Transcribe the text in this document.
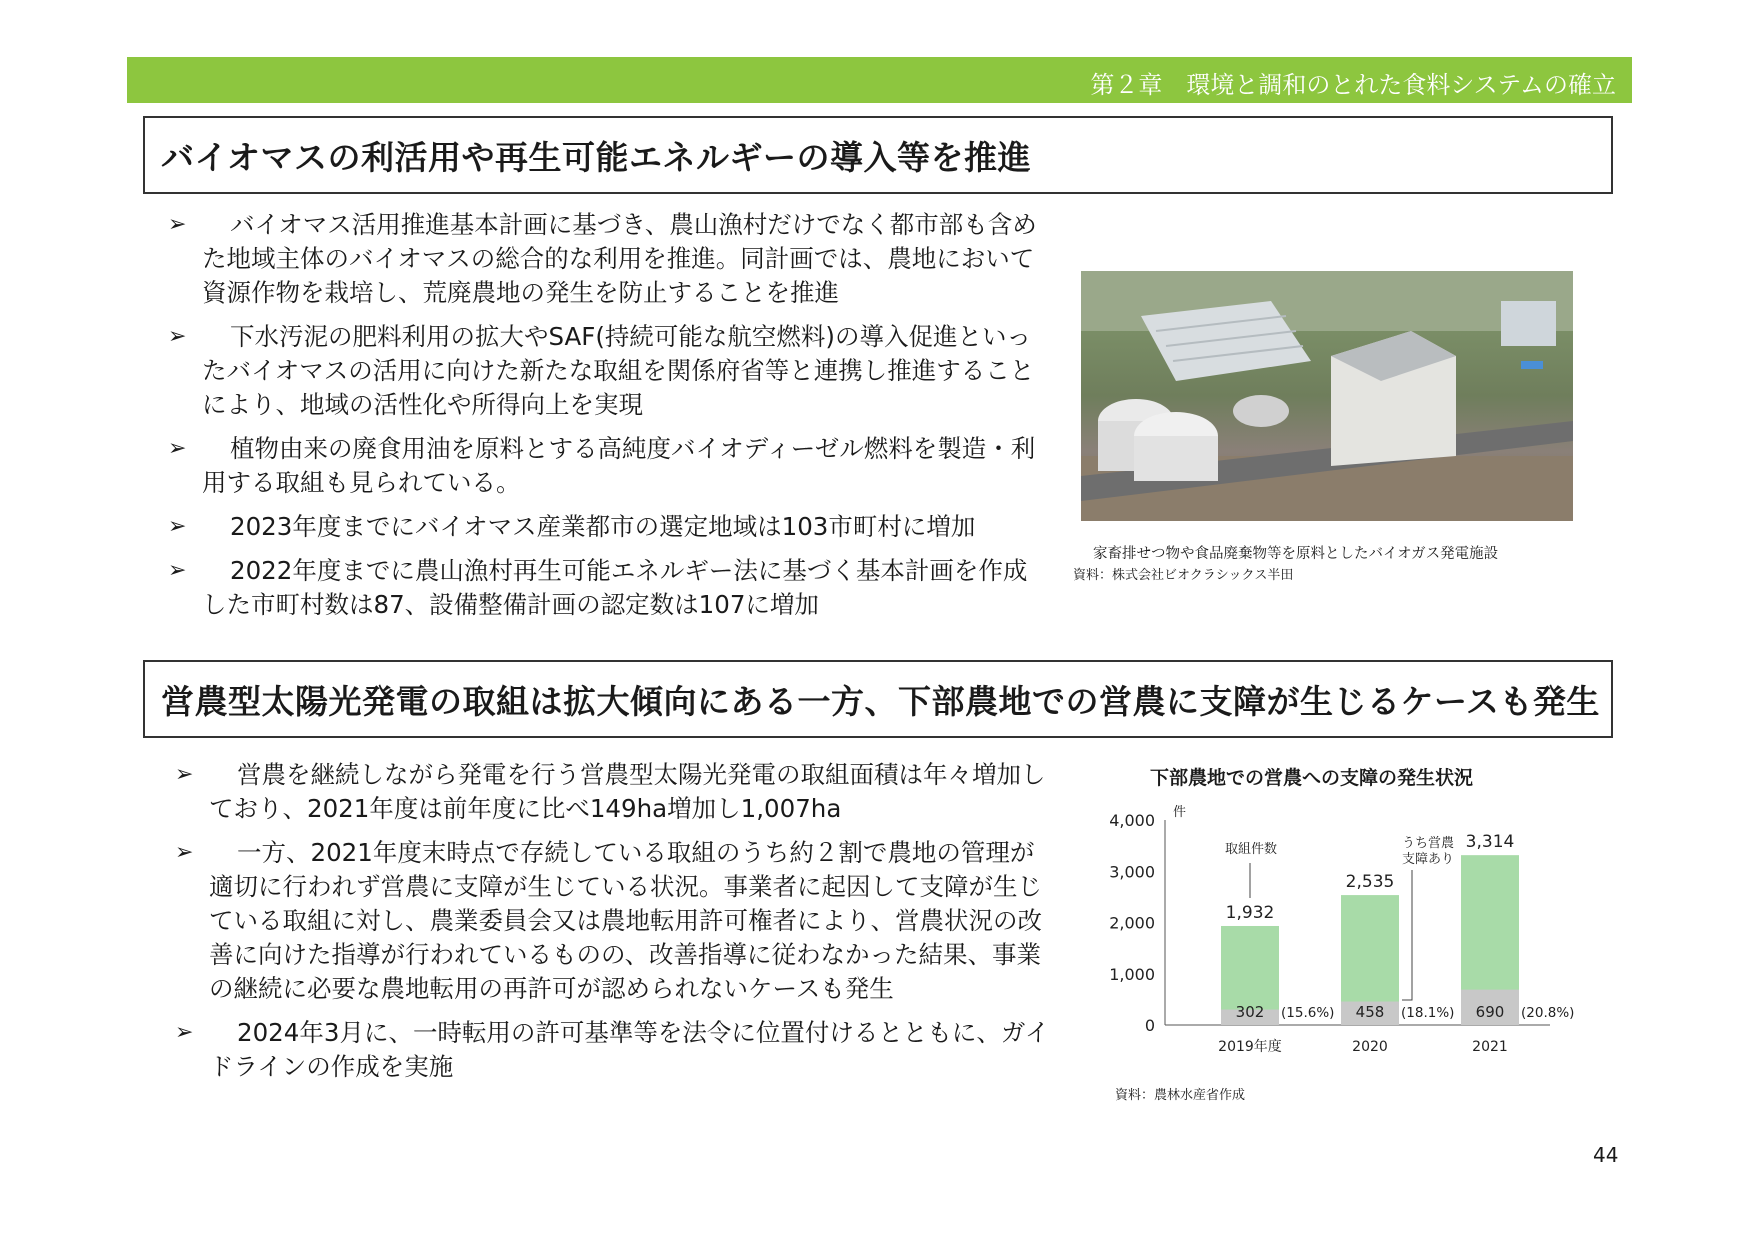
第２章　環境と調和のとれた食料システムの確立
バイオマスの利活用や再生可能エネルギーの導入等を推進
➢	バイオマス活用推進基本計画に基づき、農山漁村だけでなく都市部も含めた地域主体のバイオマスの総合的な利用を推進。同計画では、農地において資源作物を栽培し、荒廃農地の発生を防止することを推進
➢	下水汚泥の肥料利用の拡大やSAF(持続可能な航空燃料)の導入促進といったバイオマスの活用に向けた新たな取組を関係府省等と連携し推進することにより、地域の活性化や所得向上を実現
➢	植物由来の廃食用油を原料とする高純度バイオディーゼル燃料を製造・利用する取組も見られている。
➢	2023年度までにバイオマス産業都市の選定地域は103市町村に増加
➢	2022年度までに農山漁村再生可能エネルギー法に基づく基本計画を作成した市町村数は87、設備整備計画の認定数は107に増加
家畜排せつ物や食品廃棄物等を原料としたバイオガス発電施設
資料：株式会社ビオクラシックス半田
営農型太陽光発電の取組は拡大傾向にある一方、下部農地での営農に支障が生じるケースも発生
➢	営農を継続しながら発電を行う営農型太陽光発電の取組面積は年々増加しており、2021年度は前年度に比べ149ha増加し1,007ha
➢	一方、2021年度末時点で存続している取組のうち約２割で農地の管理が適切に行われず営農に支障が生じている状況。事業者に起因して支障が生じている取組に対し、農業委員会又は農地転用許可権者により、営農状況の改善に向けた指導が行われているものの、改善指導に従わなかった結果、事業の継続に必要な農地転用の再許可が認められないケースも発生
➢	2024年3月に、一時転用の許可基準等を法令に位置付けるとともに、ガイドラインの作成を実施
下部農地での営農への支障の発生状況
0
1,000
2,000
3,000
4,000 件
1,932
302 (15.6%)
2019年度
2,535
458 (18.1%)
2020
3,314
690 (20.8%)
2021
取組件数	うち営農
支障あり
資料：農林水産省作成
44
